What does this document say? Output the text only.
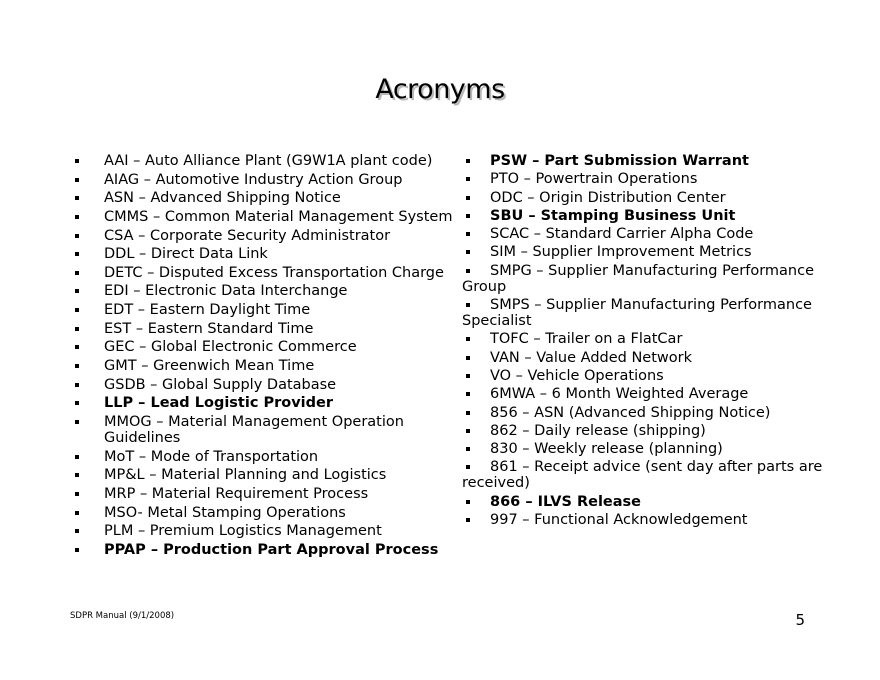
Acronyms
AAI – Auto Alliance Plant (G9W1A plant code)
AIAG – Automotive Industry Action Group
ASN – Advanced Shipping Notice
CMMS – Common Material Management System
CSA – Corporate Security Administrator
DDL – Direct Data Link
DETC – Disputed Excess Transportation Charge
EDI – Electronic Data Interchange
EDT – Eastern Daylight Time
EST – Eastern Standard Time
GEC – Global Electronic Commerce
GMT – Greenwich Mean Time
GSDB – Global Supply Database
LLP – Lead Logistic Provider
MMOG – Material Management Operation Guidelines
MoT – Mode of Transportation
MP&L – Material Planning and Logistics
MRP – Material Requirement Process
MSO- Metal Stamping Operations
PLM – Premium Logistics Management
PPAP – Production Part Approval Process
PSW – Part Submission Warrant
PTO – Powertrain Operations
ODC – Origin Distribution Center
SBU – Stamping Business Unit
SCAC – Standard Carrier Alpha Code
SIM – Supplier Improvement Metrics
SMPG – Supplier Manufacturing Performance Group
SMPS – Supplier Manufacturing Performance Specialist
TOFC – Trailer on a FlatCar
VAN – Value Added Network
VO – Vehicle Operations
6MWA – 6 Month Weighted Average
856 – ASN (Advanced Shipping Notice)
862 – Daily release (shipping)
830 – Weekly release (planning)
861 – Receipt advice (sent day after parts are received)
866 – ILVS Release
997 – Functional Acknowledgement
SDPR Manual (9/1/2008)	5
